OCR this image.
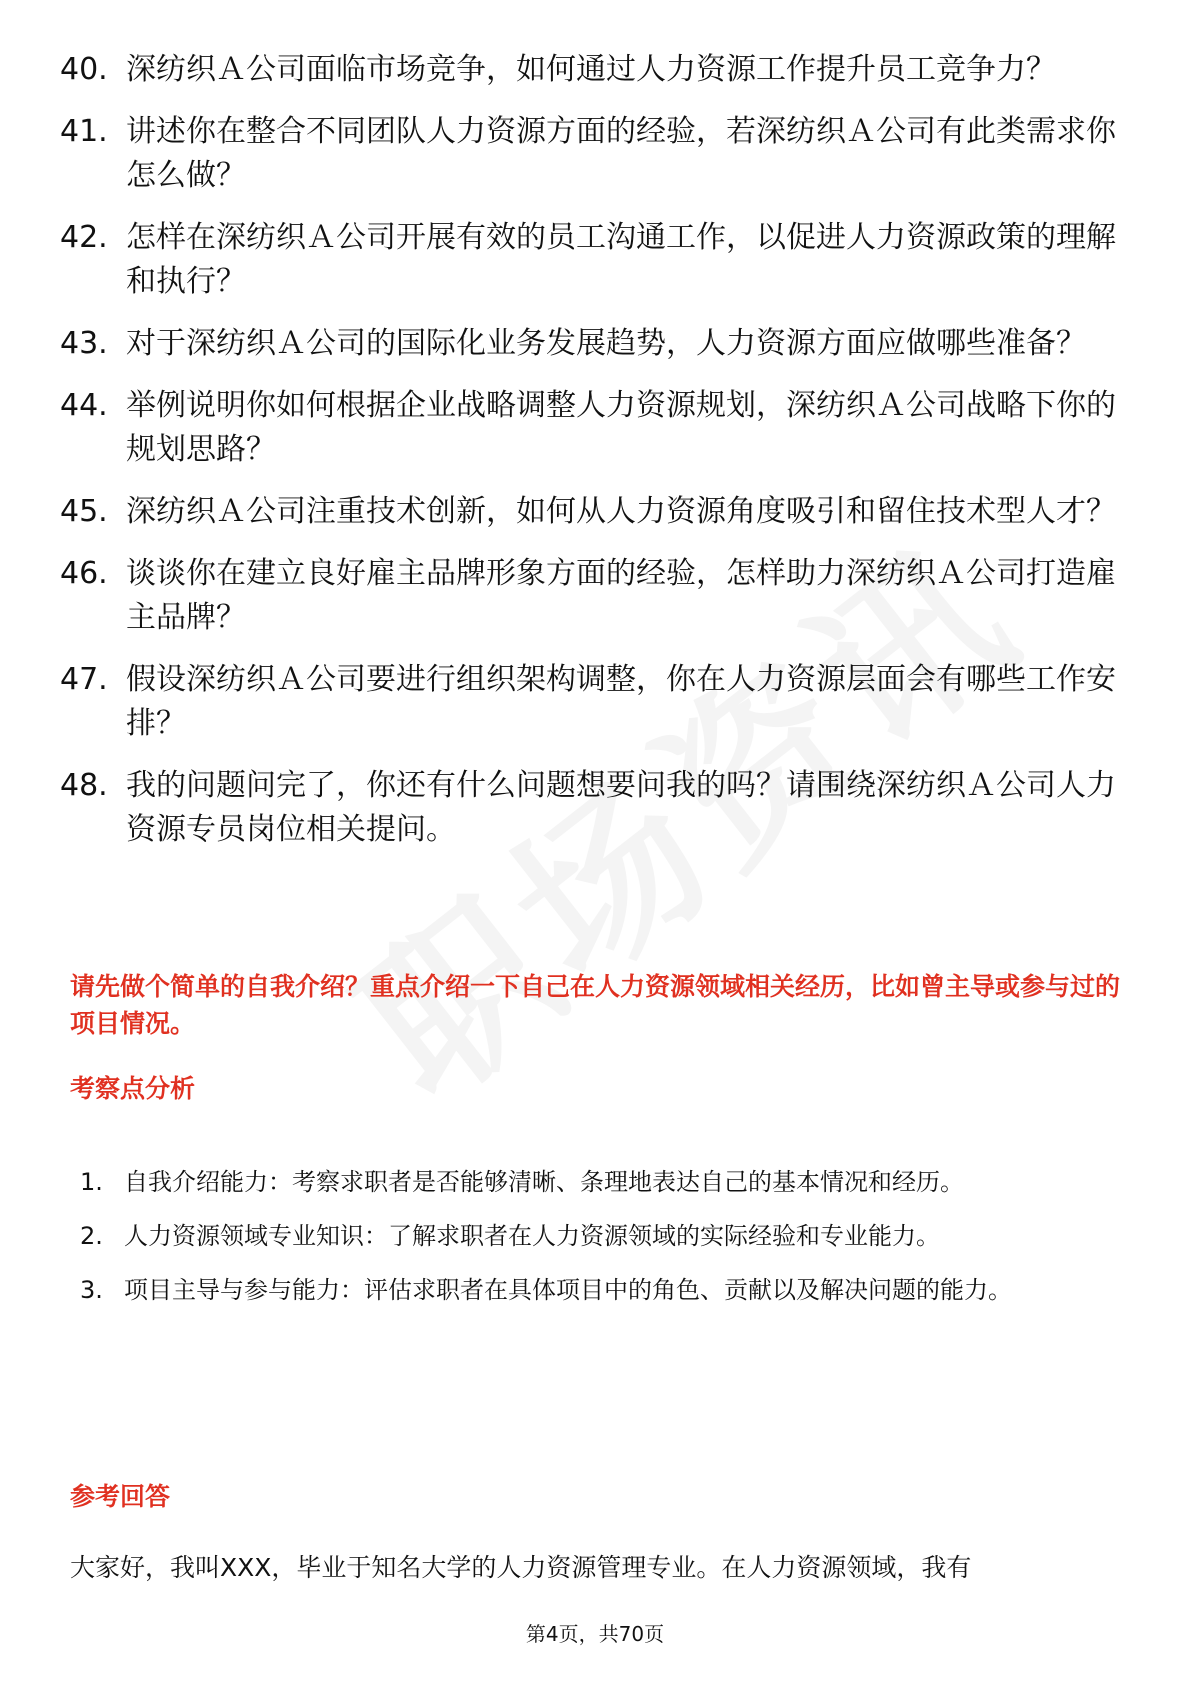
40. 深纺织Ａ公司面临市场竞争，如何通过人力资源工作提升员工竞争力？
41. 讲述你在整合不同团队人力资源方面的经验，若深纺织Ａ公司有此类需求你怎么做？
42. 怎样在深纺织Ａ公司开展有效的员工沟通工作，以促进人力资源政策的理解和执行？
43. 对于深纺织Ａ公司的国际化业务发展趋势，人力资源方面应做哪些准备？
44. 举例说明你如何根据企业战略调整人力资源规划，深纺织Ａ公司战略下你的规划思路？
45. 深纺织Ａ公司注重技术创新，如何从人力资源角度吸引和留住技术型人才？
46. 谈谈你在建立良好雇主品牌形象方面的经验，怎样助力深纺织Ａ公司打造雇主品牌？
47. 假设深纺织Ａ公司要进行组织架构调整，你在人力资源层面会有哪些工作安排？
48. 我的问题问完了，你还有什么问题想要问我的吗？请围绕深纺织Ａ公司人力资源专员岗位相关提问。

请先做个简单的自我介绍？重点介绍一下自己在人力资源领域相关经历，比如曾主导或参与过的项目情况。

考察点分析
1. 自我介绍能力：考察求职者是否能够清晰、条理地表达自己的基本情况和经历。
2. 人力资源领域专业知识：了解求职者在人力资源领域的实际经验和专业能力。
3. 项目主导与参与能力：评估求职者在具体项目中的角色、贡献以及解决问题的能力。
参考回答

大家好，我叫XXX，毕业于知名大学的人力资源管理专业。在人力资源领域，我有

第4页，共70页
